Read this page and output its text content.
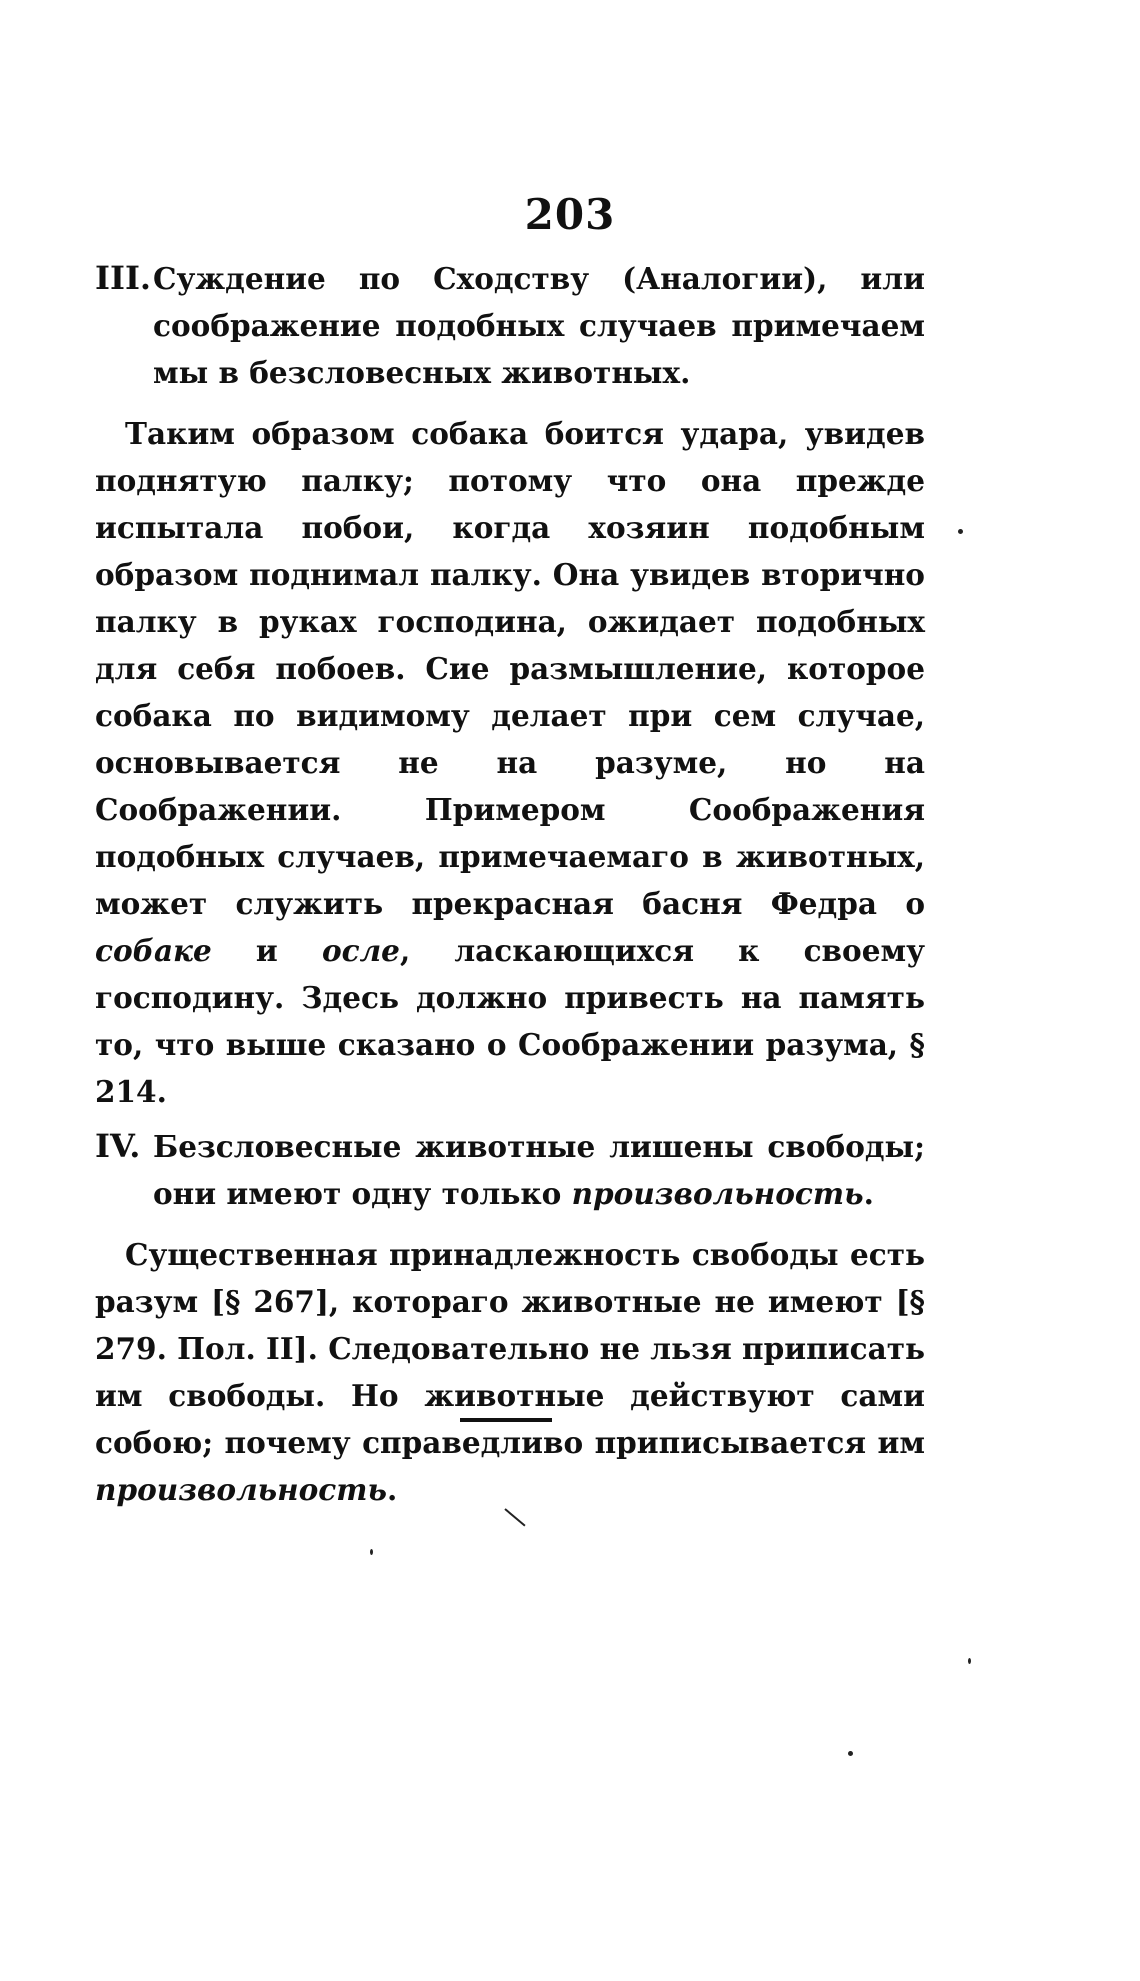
203
III. Суждение по Сходству (Аналогии), или соображение подобных случаев примечаем мы в безсловесных животных.

Таким образом собака боится удара, увидев поднятую палку; потому что она прежде испытала побои, когда хозяин подобным образом поднимал палку. Она увидев вторично палку в руках господина, ожидает подобных для себя побоев. Сие размышление, которое собака по видимому делает при сем случае, основывается не на разуме, но на Соображении. Примером Соображения подобных случаев, примечаемаго в животных, может служить прекрасная басня Федра о собаке и осле, ласкающихся к своему господину. Здесь должно привесть на память то, что выше сказано о Соображении разума, § 214.

IV. Безсловесные животные лишены свободы; они имеют одну только произвольность.

Существенная принадлежность свободы есть разум [§ 267], котораго животные не имеют [§ 279. Пол. II]. Следовательно не льзя приписать им свободы. Но животные действуют сами собою; почему справедливо приписывается им произвольность.
